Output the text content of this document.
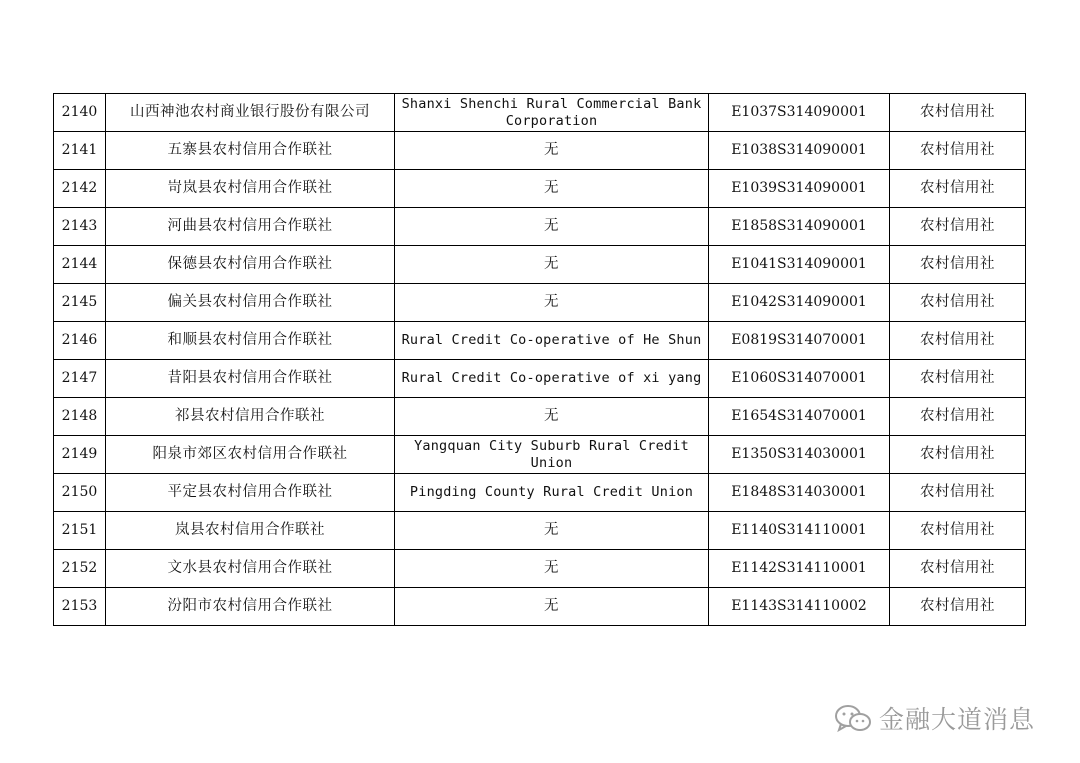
2140	山西神池农村商业银行股份有限公司	Shanxi Shenchi Rural Commercial Bank Corporation	E1037S314090001	农村信用社
2141	五寨县农村信用合作联社	无	E1038S314090001	农村信用社
2142	岢岚县农村信用合作联社	无	E1039S314090001	农村信用社
2143	河曲县农村信用合作联社	无	E1858S314090001	农村信用社
2144	保德县农村信用合作联社	无	E1041S314090001	农村信用社
2145	偏关县农村信用合作联社	无	E1042S314090001	农村信用社
2146	和顺县农村信用合作联社	Rural Credit Co-operative of He Shun	E0819S314070001	农村信用社
2147	昔阳县农村信用合作联社	Rural Credit Co-operative of xi yang	E1060S314070001	农村信用社
2148	祁县农村信用合作联社	无	E1654S314070001	农村信用社
2149	阳泉市郊区农村信用合作联社	Yangquan City Suburb Rural Credit Union	E1350S314030001	农村信用社
2150	平定县农村信用合作联社	Pingding County Rural Credit Union	E1848S314030001	农村信用社
2151	岚县农村信用合作联社	无	E1140S314110001	农村信用社
2152	文水县农村信用合作联社	无	E1142S314110001	农村信用社
2153	汾阳市农村信用合作联社	无	E1143S314110002	农村信用社
金融大道消息
